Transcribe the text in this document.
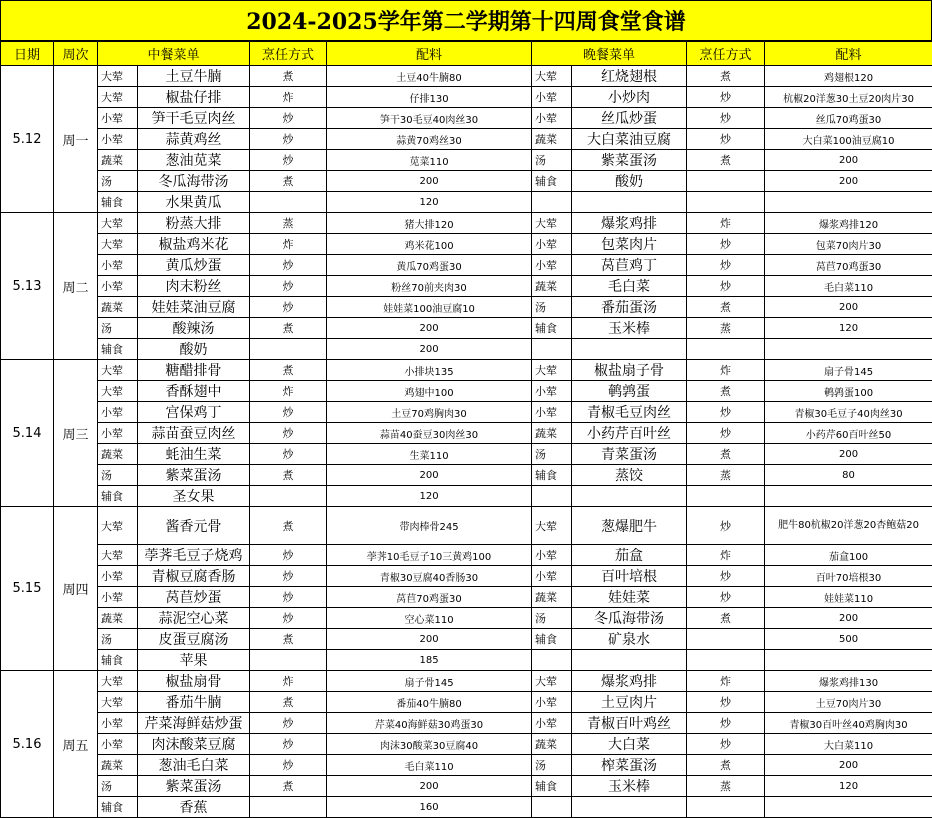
2024-2025学年第二学期第十四周食堂食谱
日期	周次	中餐菜单		烹任方式	配料	晚餐菜单		烹任方式	配料
5.12	周一	大荤	土豆牛腩	煮	土豆40牛腩80	大荤	红烧翅根	煮	鸡翅根120
		大荤	椒盐仔排	炸	仔排130	小荤	小炒肉	炒	杭椒20洋葱30土豆20肉片30
		小荤	笋干毛豆肉丝	炒	笋干30毛豆40肉丝30	小荤	丝瓜炒蛋	炒	丝瓜70鸡蛋30
		小荤	蒜黄鸡丝	炒	蒜黄70鸡丝30	蔬菜	大白菜油豆腐	炒	大白菜100油豆腐10
		蔬菜	葱油苋菜	炒	苋菜110	汤	紫菜蛋汤	煮	200
		汤	冬瓜海带汤	煮	200	辅食	酸奶		200
		辅食	水果黄瓜		120				
5.13	周二	大荤	粉蒸大排	蒸	猪大排120	大荤	爆浆鸡排	炸	爆浆鸡排120
		大荤	椒盐鸡米花	炸	鸡米花100	小荤	包菜肉片	炒	包菜70肉片30
		小荤	黄瓜炒蛋	炒	黄瓜70鸡蛋30	小荤	莴苣鸡丁	炒	莴苣70鸡蛋30
		小荤	肉末粉丝	炒	粉丝70前夹肉30	蔬菜	毛白菜	炒	毛白菜110
		蔬菜	娃娃菜油豆腐	炒	娃娃菜100油豆腐10	汤	番茄蛋汤	煮	200
		汤	酸辣汤	煮	200	辅食	玉米棒	蒸	120
		辅食	酸奶		200				
5.14	周三	大荤	糖醋排骨	煮	小排块135	大荤	椒盐扇子骨	炸	扇子骨145
		大荤	香酥翅中	炸	鸡翅中100	小荤	鹌鹑蛋	煮	鹌鹑蛋100
		小荤	宫保鸡丁	炒	土豆70鸡胸肉30	小荤	青椒毛豆肉丝	炒	青椒30毛豆子40肉丝30
		小荤	蒜苗蚕豆肉丝	炒	蒜苗40蚕豆30肉丝30	蔬菜	小药芹百叶丝	炒	小药芹60百叶丝50
		蔬菜	蚝油生菜	炒	生菜110	汤	青菜蛋汤	煮	200
		汤	紫菜蛋汤	煮	200	辅食	蒸饺	蒸	80
		辅食	圣女果		120				
5.15	周四	大荤	酱香元骨	煮	带肉棒骨245	大荤	葱爆肥牛	炒	肥牛80杭椒20洋葱20杏鲍菇20
		大荤	荸荠毛豆子烧鸡	炒	荸荠10毛豆子10三黄鸡100	小荤	茄盒	炸	茄盒100
		小荤	青椒豆腐香肠	炒	青椒30豆腐40香肠30	小荤	百叶培根	炒	百叶70培根30
		小荤	莴苣炒蛋	炒	莴苣70鸡蛋30	蔬菜	娃娃菜	炒	娃娃菜110
		蔬菜	蒜泥空心菜	炒	空心菜110	汤	冬瓜海带汤	煮	200
		汤	皮蛋豆腐汤	煮	200	辅食	矿泉水		500
		辅食	苹果		185				
5.16	周五	大荤	椒盐扇骨	炸	扇子骨145	大荤	爆浆鸡排	炸	爆浆鸡排130
		大荤	番茄牛腩	煮	番茄40牛腩80	小荤	土豆肉片	炒	土豆70肉片30
		小荤	芹菜海鲜菇炒蛋	炒	芹菜40海鲜菇30鸡蛋30	小荤	青椒百叶鸡丝	炒	青椒30百叶丝40鸡胸肉30
		小荤	肉沫酸菜豆腐	炒	肉沫30酸菜30豆腐40	蔬菜	大白菜	炒	大白菜110
		蔬菜	葱油毛白菜	炒	毛白菜110	汤	榨菜蛋汤	煮	200
		汤	紫菜蛋汤	煮	200	辅食	玉米棒	蒸	120
		辅食	香蕉		160				
